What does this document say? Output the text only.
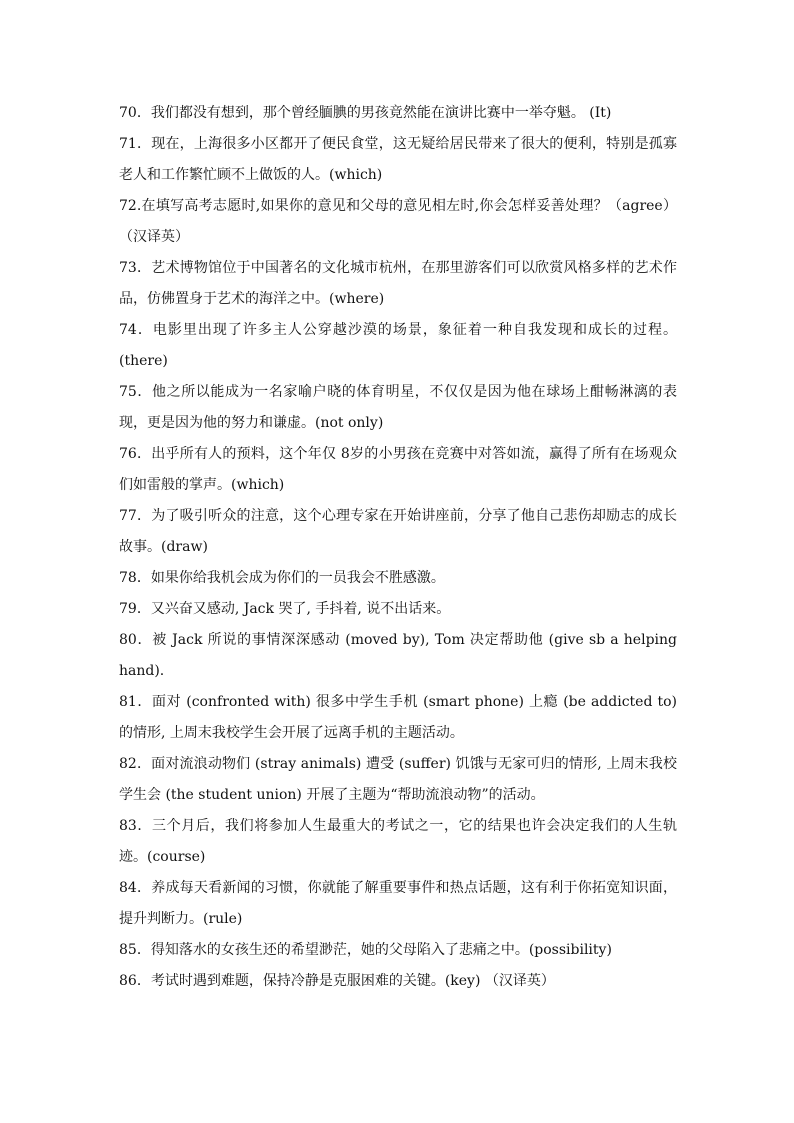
70．我们都没有想到，那个曾经腼腆的男孩竟然能在演讲比赛中一举夺魁。 (It)
71．现在，上海很多小区都开了便民食堂，这无疑给居民带来了很大的便利，特别是孤寡老人和工作繁忙顾不上做饭的人。(which)
72.在填写高考志愿时,如果你的意见和父母的意见相左时,你会怎样妥善处理？（agree） （汉译英）
73．艺术博物馆位于中国著名的文化城市杭州，在那里游客们可以欣赏风格多样的艺术作品，仿佛置身于艺术的海洋之中。(where)
74．电影里出现了许多主人公穿越沙漠的场景，象征着一种自我发现和成长的过程。(there)
75．他之所以能成为一名家喻户晓的体育明星，不仅仅是因为他在球场上酣畅淋漓的表现，更是因为他的努力和谦虚。(not only)
76．出乎所有人的预料，这个年仅 8岁的小男孩在竞赛中对答如流，赢得了所有在场观众们如雷般的掌声。(which)
77．为了吸引听众的注意，这个心理专家在开始讲座前，分享了他自己悲伤却励志的成长故事。(draw)
78．如果你给我机会成为你们的一员我会不胜感激。
79．又兴奋又感动, Jack 哭了, 手抖着, 说不出话来。
80．被 Jack 所说的事情深深感动 (moved by), Tom 决定帮助他 (give sb a helping hand).
81．面对 (confronted with) 很多中学生手机 (smart phone) 上瘾 (be addicted to) 的情形, 上周末我校学生会开展了远离手机的主题活动。
82．面对流浪动物们 (stray animals) 遭受 (suffer) 饥饿与无家可归的情形, 上周末我校学生会 (the student union) 开展了主题为“帮助流浪动物”的活动。
83．三个月后，我们将参加人生最重大的考试之一，它的结果也许会决定我们的人生轨迹。(course)
84．养成每天看新闻的习惯，你就能了解重要事件和热点话题，这有利于你拓宽知识面，提升判断力。(rule)
85．得知落水的女孩生还的希望渺茫，她的父母陷入了悲痛之中。(possibility)
86．考试时遇到难题，保持冷静是克服困难的关键。(key) （汉译英）
